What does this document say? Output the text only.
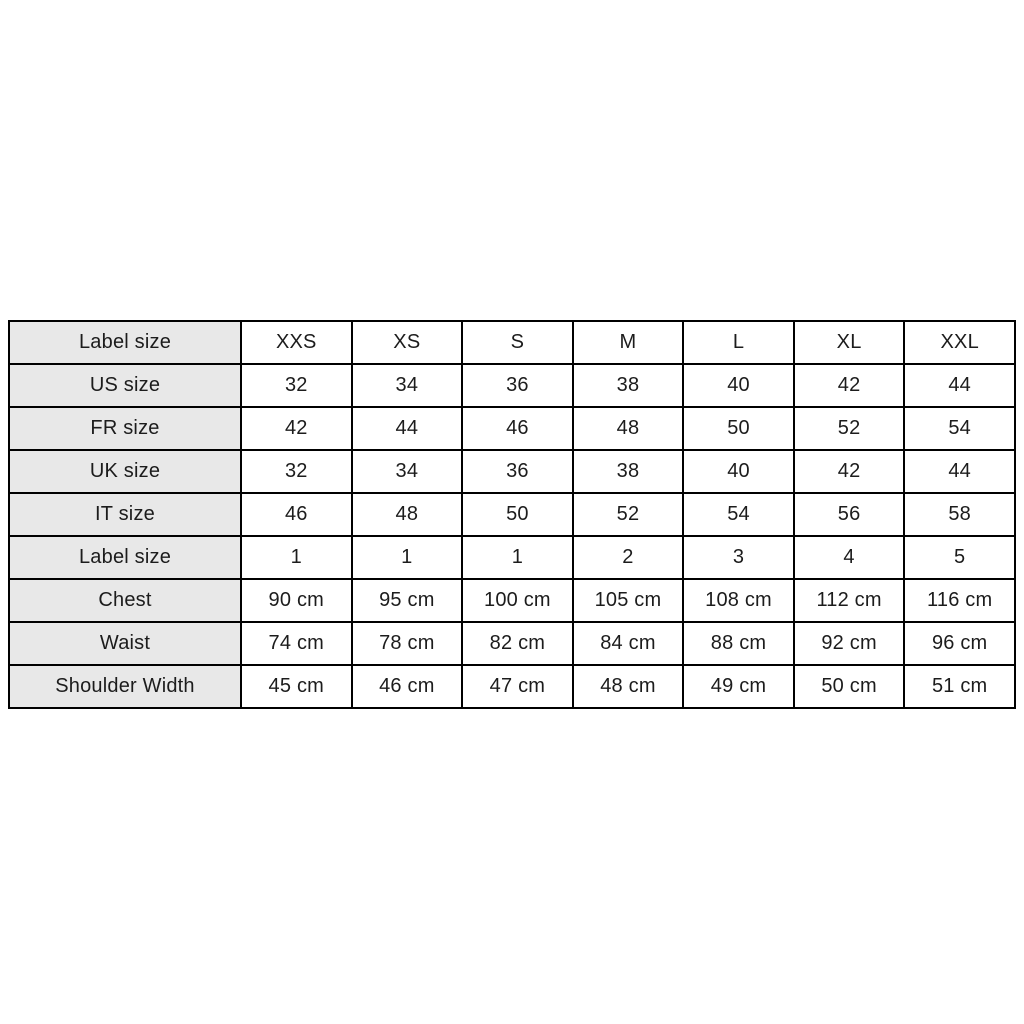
Label size	XXS	XS	S	M	L	XL	XXL
US size	32	34	36	38	40	42	44
FR size	42	44	46	48	50	52	54
UK size	32	34	36	38	40	42	44
IT size	46	48	50	52	54	56	58
Label size	1	1	1	2	3	4	5
Chest	90 cm	95 cm	100 cm	105 cm	108 cm	112 cm	116 cm
Waist	74 cm	78 cm	82 cm	84 cm	88 cm	92 cm	96 cm
Shoulder Width	45 cm	46 cm	47 cm	48 cm	49 cm	50 cm	51 cm
